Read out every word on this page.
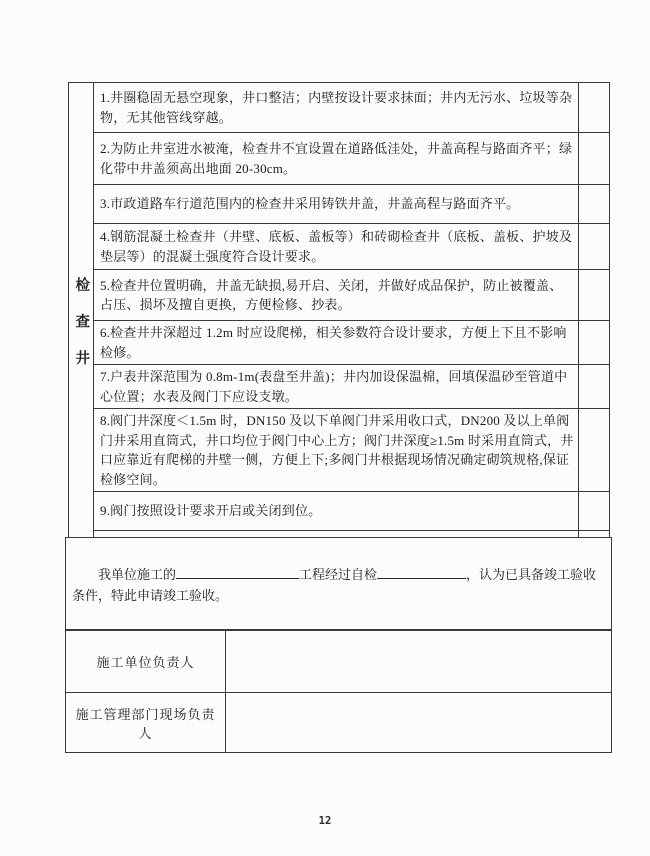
检查井
1.井圈稳固无悬空现象，井口整洁；内壁按设计要求抹面；井内无污水、垃圾等杂物，无其他管线穿越。
2.为防止井室进水被淹，检查井不宜设置在道路低洼处，井盖高程与路面齐平；绿化带中井盖须高出地面 20-30cm。
3.市政道路车行道范围内的检查井采用铸铁井盖，井盖高程与路面齐平。
4.钢筋混凝土检查井（井壁、底板、盖板等）和砖砌检查井（底板、盖板、护坡及垫层等）的混凝土强度符合设计要求。
5.检查井位置明确，井盖无缺损,易开启、关闭，并做好成品保护，防止被覆盖、占压、损坏及擅自更换，方便检修、抄表。
6.检查井井深超过 1.2m 时应设爬梯，相关参数符合设计要求，方便上下且不影响检修。
7.户表井深范围为 0.8m-1m(表盘至井盖)；井内加设保温棉，回填保温砂至管道中心位置；水表及阀门下应设支墩。
8.阀门井深度＜1.5m 时，DN150 及以下单阀门井采用收口式，DN200 及以上单阀门井采用直筒式，井口均位于阀门中心上方；阀门井深度≥1.5m 时采用直筒式，井口应靠近有爬梯的井壁一侧，方便上下;多阀门井根据现场情况确定砌筑规格,保证检修空间。
9.阀门按照设计要求开启或关闭到位。

我单位施工的	工程经过自检	，认为已具备竣工验收条件，特此申请竣工验收。

施工单位负责人
施工管理部门现场负责人
12
